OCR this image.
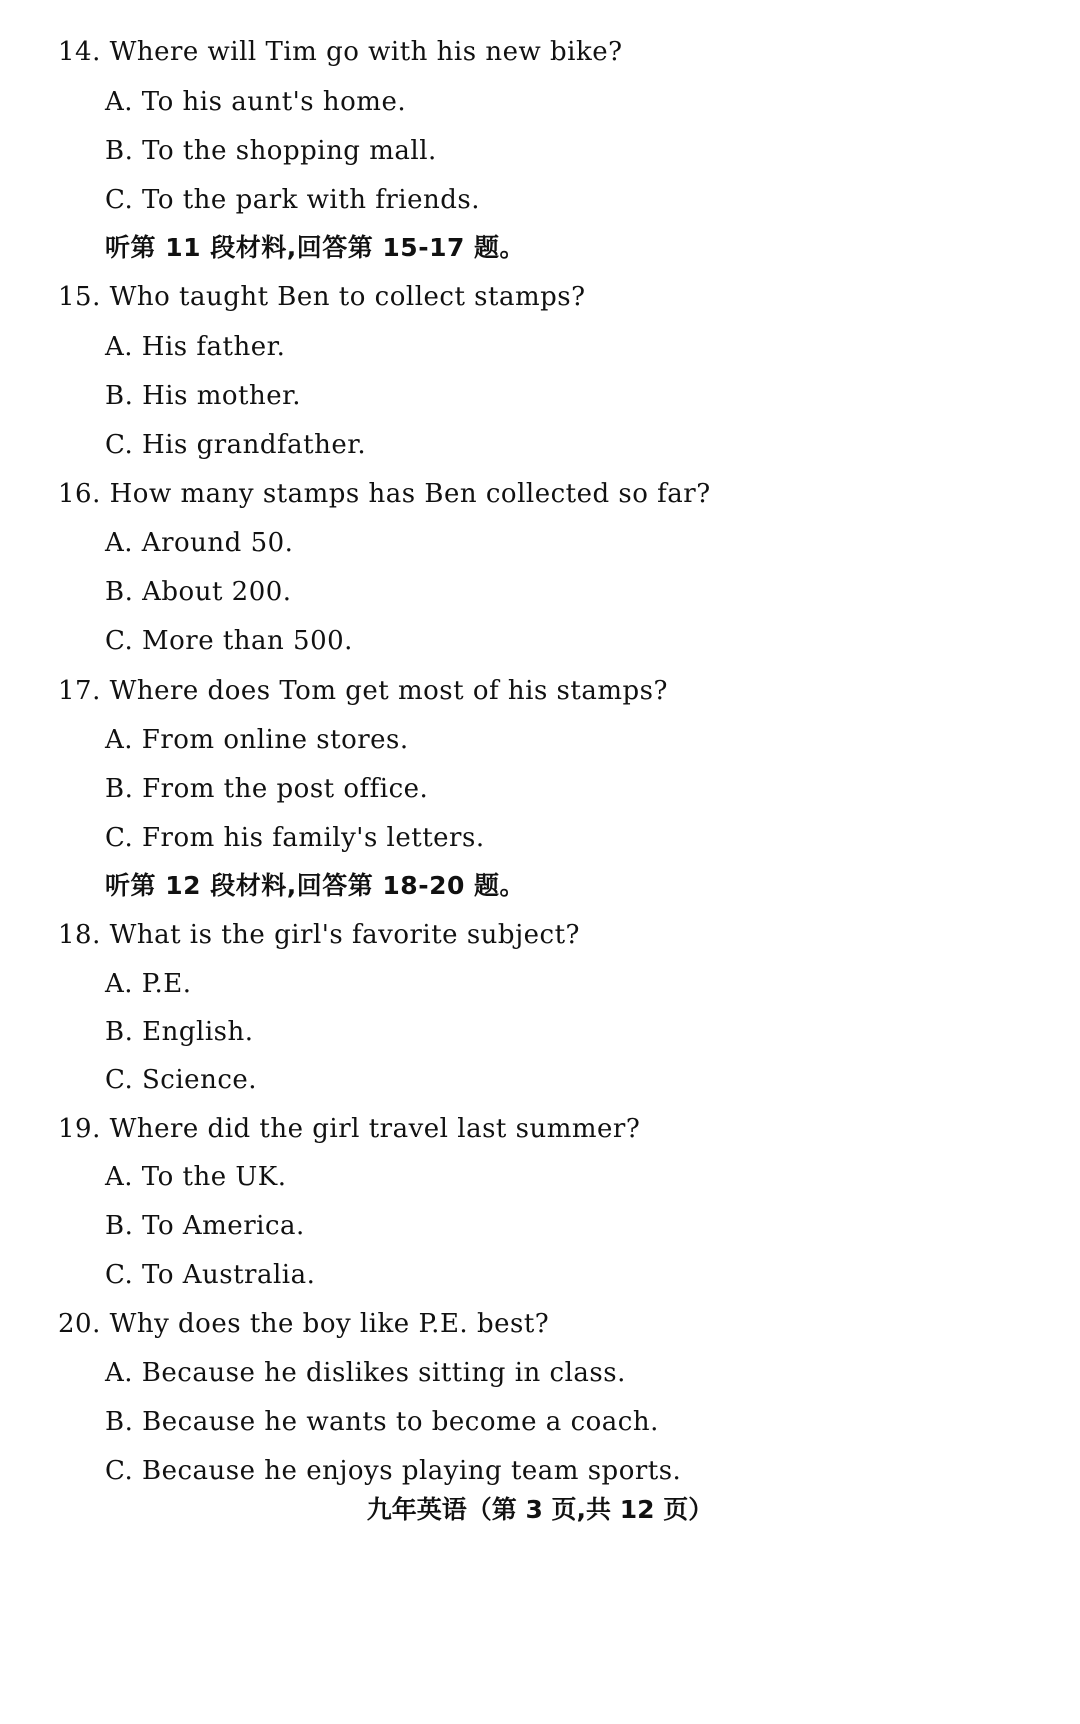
14. Where will Tim go with his new bike?
A. To his aunt's home.
B. To the shopping mall.
C. To the park with friends.
听第 11 段材料,回答第 15-17 题。
15. Who taught Ben to collect stamps?
A. His father.
B. His mother.
C. His grandfather.
16. How many stamps has Ben collected so far?
A. Around 50.
B. About 200.
C. More than 500.
17. Where does Tom get most of his stamps?
A. From online stores.
B. From the post office.
C. From his family's letters.
听第 12 段材料,回答第 18-20 题。
18. What is the girl's favorite subject?
A. P.E.
B. English.
C. Science.
19. Where did the girl travel last summer?
A. To the UK.
B. To America.
C. To Australia.
20. Why does the boy like P.E. best?
A. Because he dislikes sitting in class.
B. Because he wants to become a coach.
C. Because he enjoys playing team sports.
九年英语（第 3 页,共 12 页）
